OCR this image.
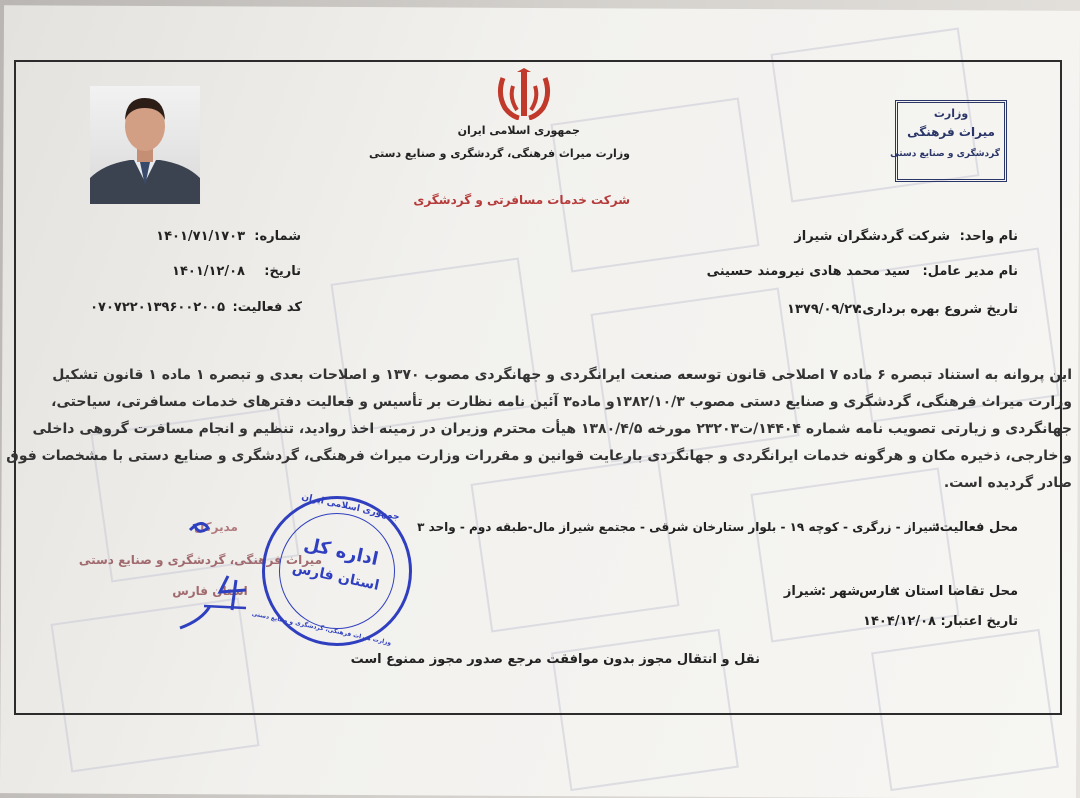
جمهوری اسلامی ایران
وزارت میراث فرهنگی، گردشگری و صنایع دستی
شرکت خدمات مسافرتی و گردشگری
وزارت
میراث فرهنگی
گردشگری و صنایع دستی
نام واحد:
شرکت گردشگران شیراز
نام مدیر عامل:
سید محمد هادی نیرومند حسینی
تاریخ شروع بهره برداری:
۱۳۷۹/۰۹/۲۷
شماره:
۱۴۰۱/۷۱/۱۷۰۳
تاریخ:
۱۴۰۱/۱۲/۰۸
کد فعالیت:
۰۷۰۷۲۲۰۱۳۹۶۰۰۲۰۰۵
این پروانه به استناد تبصره ۶ ماده ۷ اصلاحی قانون توسعه صنعت ایرانگردی و جهانگردی مصوب ۱۳۷۰ و اصلاحات بعدی و تبصره ۱ ماده ۱ قانون تشکیل
وزارت میراث فرهنگی، گردشگری و صنایع دستی مصوب ۱۳۸۲/۱۰/۳و ماده۳ آئین نامه نظارت بر تأسیس و فعالیت دفترهای خدمات مسافرتی، سیاحتی،
جهانگردی و زیارتی تصویب نامه شماره ۱۴۴۰۴/ت۲۳۲۰۳ مورخه ۱۳۸۰/۴/۵ هیأت محترم وزیران در زمینه اخذ روادید، تنظیم و انجام مسافرت گروهی داخلی
و خارجی، ذخیره مکان و هرگونه خدمات ایرانگردی و جهانگردی بارعایت قوانین و مقررات وزارت میراث فرهنگی، گردشگری و صنایع دستی با مشخصات فوق
صادر گردیده است.
محل فعالیت:
شیراز - زرگری - کوچه ۱۹ - بلوار ستارخان شرقی - مجتمع شیراز مال-طبقه دوم - واحد ۳
محل تقاضا استان :
فارس
شهر :
شیراز
تاریخ اعتبار:
۱۴۰۴/۱۲/۰۸
نقل و انتقال مجوز بدون موافقت مرجع صدور مجوز ممنوع است
مدیرکل
میراث فرهنگی، گردشگری و صنایع دستی
استان فارس
جمهوری اسلامی ایران
اداره کل
استان فارس
وزارت میراث فرهنگی، گردشگری و صنایع دستی
